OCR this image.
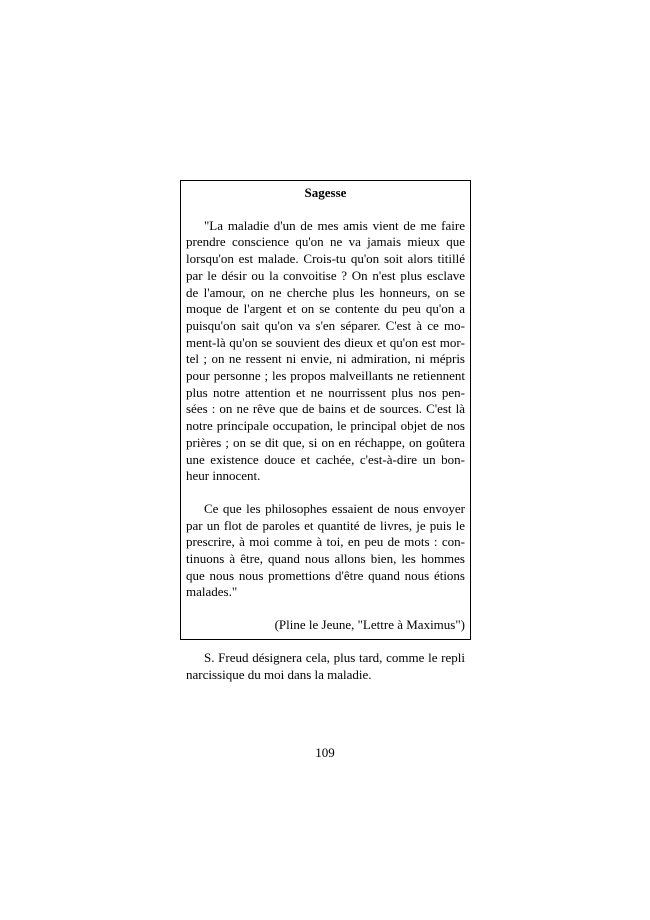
Sagesse

"La maladie d'un de mes amis vient de me faire prendre conscience qu'on ne va jamais mieux que lorsqu'on est malade. Crois-tu qu'on soit alors titillé par le désir ou la convoitise ? On n'est plus esclave de l'amour, on ne cherche plus les honneurs, on se moque de l'argent et on se contente du peu qu'on a puisqu'on sait qu'on va s'en séparer. C'est à ce moment-là qu'on se souvient des dieux et qu'on est mortel ; on ne ressent ni envie, ni admiration, ni mépris pour personne ; les propos malveillants ne retiennent plus notre attention et ne nourrissent plus nos pensées : on ne rêve que de bains et de sources. C'est là notre principale occupation, le principal objet de nos prières ; on se dit que, si on en réchappe, on goûtera une existence douce et cachée, c'est-à-dire un bonheur innocent.

Ce que les philosophes essaient de nous envoyer par un flot de paroles et quantité de livres, je puis le prescrire, à moi comme à toi, en peu de mots : continuons à être, quand nous allons bien, les hommes que nous nous promettions d'être quand nous étions malades."

(Pline le Jeune, "Lettre à Maximus")

S. Freud désignera cela, plus tard, comme le repli narcissique du moi dans la maladie.

109
